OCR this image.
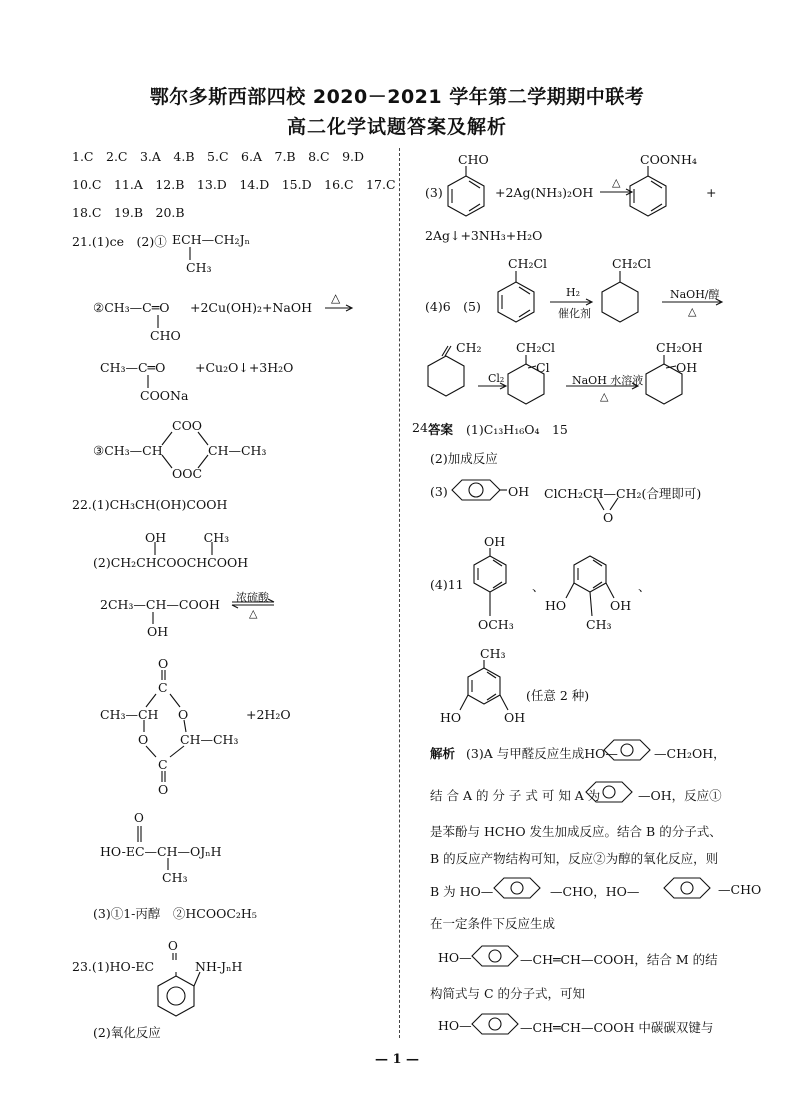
鄂尔多斯西部四校 2020－2021 学年第二学期期中联考
高二化学试题答案及解析
1.C　2.C　3.A　4.B　5.C　6.A　7.B　8.C　9.D
10.C　11.A　12.B　13.D　14.D　15.D　16.C　17.C
18.C　19.B　20.B
21.(1)ce　(2)① ECH—CH₂Jₙ
CH₃
②CH₃—C═O
CHO
+2Cu(OH)₂+NaOH
CH₃—C═O
COONa
+Cu₂O↓+3H₂O
③CH₃—CH
COO
OOC
CH—CH₃
22.(1)CH₃CH(OH)COOH
OH　　　CH₃
(2)CH₂CHCOOCHCOOH
2CH₃—CH—COOH
OH
浓硫酸
△
O
C
CH₃—CH O
O	CH—CH₃
C
O
+2H₂O
HO-EC—CH—OJₙH
CH₃
(3)①1-丙醇　②HCOOC₂H₅
23.(1)HO-EC	NH-JₙH
(2)氧化反应
CHO
(3)	+2Ag(NH₃)₂OH
△
COONH₄
+
2Ag↓+3NH₃+H₂O
(4)6　(5)
CH₂Cl
H₂
催化剂
CH₂Cl
NaOH/醇
△
CH₂
Cl₂
CH₂Cl
Cl
NaOH 水溶液
△
CH₂OH
OH
24.
答案 (1)C₁₃H₁₆O₄　15
(2)加成反应
(3)	OH ClCH₂CH—CH₂(合理即可)
O
(4)11
OH
OCH₃
、
HO	OH
CH₃
、
CH₃
HO	OH
(任意 2 种)
解析 (3)A 与甲醛反应生成HO—	—CH₂OH，
结 合 A 的 分 子 式 可 知 A 为	—OH，反应①
是苯酚与 HCHO 发生加成反应。结合 B 的分子式、
B 的反应产物结构可知，反应②为醇的氧化反应，则
B 为 HO—	—CHO，HO—	—CHO
在一定条件下反应生成
HO—	—CH═CH—COOH，结合 M 的结
构简式与 C 的分子式，可知
HO—	—CH═CH—COOH 中碳碳双键与
— 1 —
△
O
O
